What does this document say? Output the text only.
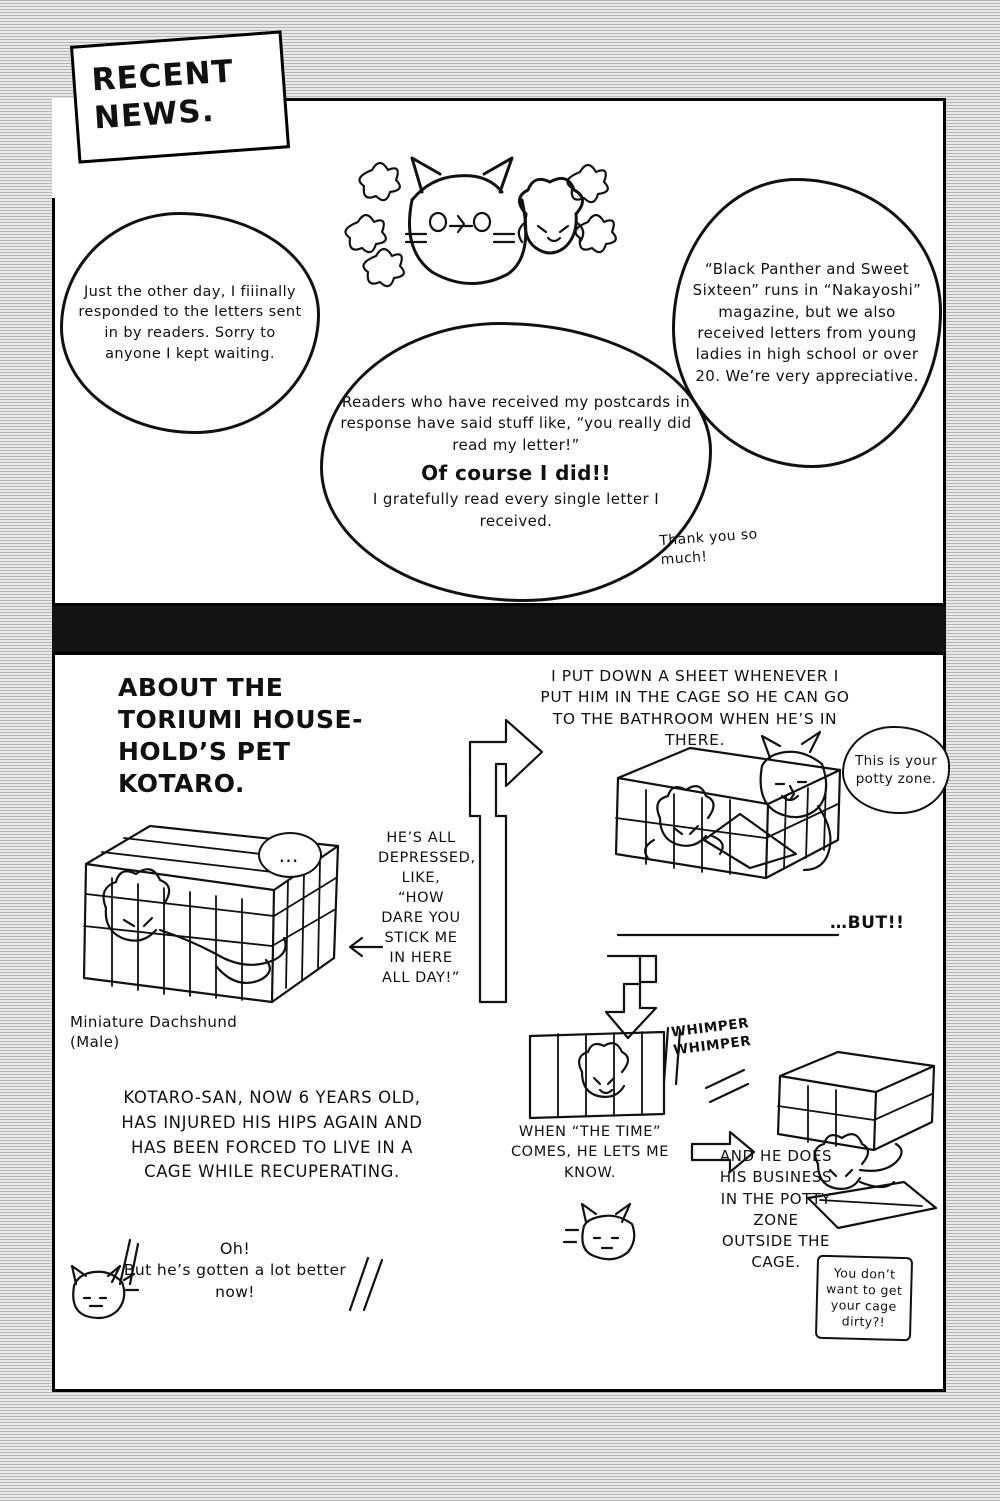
RECENT NEWS.
Just the other day, I fiiinally responded to the letters sent in by readers. Sorry to anyone I kept waiting.
Readers who have received my postcards in response have said stuff like, “you really did read my letter!”
Of course I did!!
I gratefully read every single letter I received.
“Black Panther and Sweet Sixteen” runs in “Nakayoshi” magazine, but we also received letters from young ladies in high school or over 20. We’re very appreciative.
Thank you so much!
ABOUT THE TORIUMI HOUSE-HOLD’S PET KOTARO.
I PUT DOWN A SHEET WHENEVER I PUT HIM IN THE CAGE SO HE CAN GO TO THE BATHROOM WHEN HE’S IN THERE.
HE’S ALL DEPRESSED, LIKE, “HOW DARE YOU STICK ME IN HERE ALL DAY!”
…
Miniature Dachshund (Male)
KOTARO-SAN, NOW 6 YEARS OLD, HAS INJURED HIS HIPS AGAIN AND HAS BEEN FORCED TO LIVE IN A CAGE WHILE RECUPERATING.
Oh!
But he’s gotten a lot better now!
This is your potty zone.
…BUT!!
WHIMPER WHIMPER
WHEN “THE TIME” COMES, HE LETS ME KNOW.
AND HE DOES HIS BUSINESS IN THE POTTY ZONE OUTSIDE THE CAGE.
You don’t want to get your cage dirty?!
